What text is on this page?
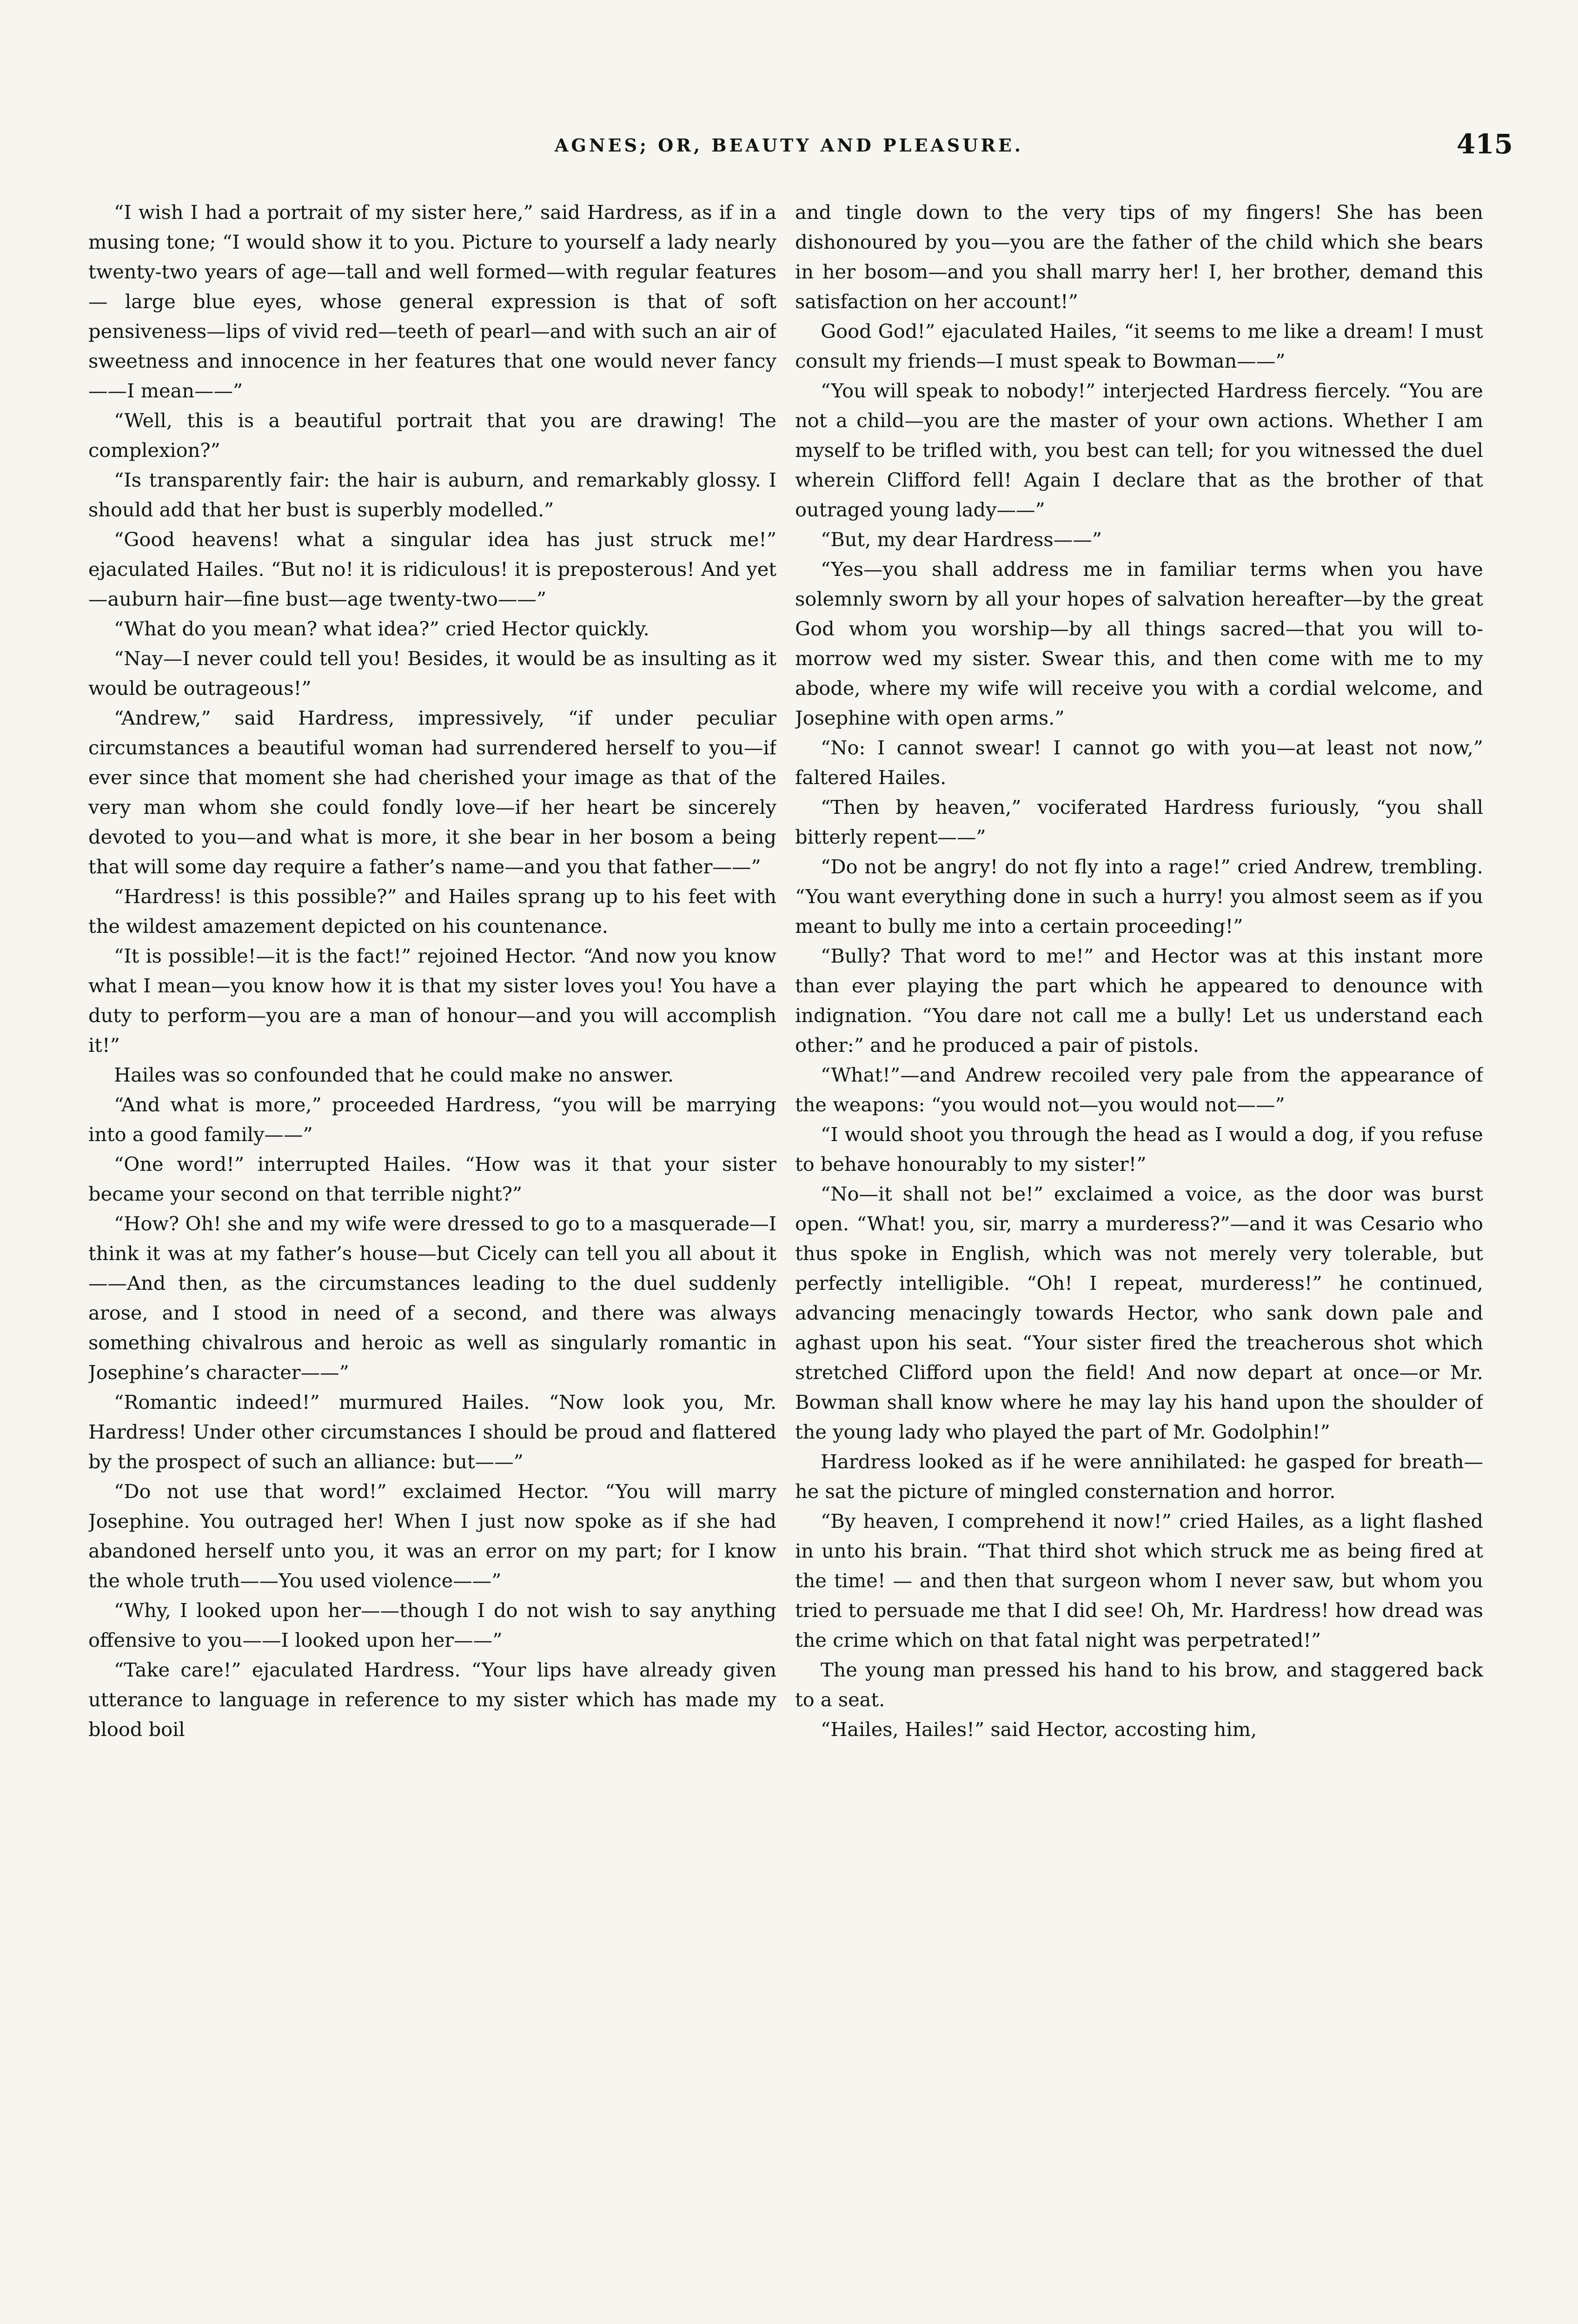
AGNES; OR, BEAUTY AND PLEASURE.	415

“I wish I had a portrait of my sister here,” said Hardress, as if in a musing tone; “I would show it to you. Picture to yourself a lady nearly twenty-two years of age—tall and well formed—with regular features — large blue eyes, whose general expression is that of soft pensiveness—lips of vivid red—teeth of pearl—and with such an air of sweetness and innocence in her features that one would never fancy——I mean——”

“Well, this is a beautiful portrait that you are drawing! The complexion?”

“Is transparently fair: the hair is auburn, and remarkably glossy. I should add that her bust is superbly modelled.”

“Good heavens! what a singular idea has just struck me!” ejaculated Hailes. “But no! it is ridiculous! it is preposterous! And yet—auburn hair—fine bust—age twenty-two——”

“What do you mean? what idea?” cried Hector quickly.

“Nay—I never could tell you! Besides, it would be as insulting as it would be outrageous!”

“Andrew,” said Hardress, impressively, “if under peculiar circumstances a beautiful woman had surrendered herself to you—if ever since that moment she had cherished your image as that of the very man whom she could fondly love—if her heart be sincerely devoted to you—and what is more, it she bear in her bosom a being that will some day require a father’s name—and you that father——”

“Hardress! is this possible?” and Hailes sprang up to his feet with the wildest amazement depicted on his countenance.

“It is possible!—it is the fact!” rejoined Hector. “And now you know what I mean—you know how it is that my sister loves you! You have a duty to perform—you are a man of honour—and you will accomplish it!”

Hailes was so confounded that he could make no answer.

“And what is more,” proceeded Hardress, “you will be marrying into a good family——”

“One word!” interrupted Hailes. “How was it that your sister became your second on that terrible night?”

“How? Oh! she and my wife were dressed to go to a masquerade—I think it was at my father’s house—but Cicely can tell you all about it——And then, as the circumstances leading to the duel suddenly arose, and I stood in need of a second, and there was always something chivalrous and heroic as well as singularly romantic in Josephine’s character——”

“Romantic indeed!” murmured Hailes. “Now look you, Mr. Hardress! Under other circumstances I should be proud and flattered by the prospect of such an alliance: but——”

“Do not use that word!” exclaimed Hector. “You will marry Josephine. You outraged her! When I just now spoke as if she had abandoned herself unto you, it was an error on my part; for I know the whole truth——You used violence——”

“Why, I looked upon her——though I do not wish to say anything offensive to you——I looked upon her——”

“Take care!” ejaculated Hardress. “Your lips have already given utterance to language in reference to my sister which has made my blood boil

and tingle down to the very tips of my fingers! She has been dishonoured by you—you are the father of the child which she bears in her bosom—and you shall marry her! I, her brother, demand this satisfaction on her account!”

Good God!” ejaculated Hailes, “it seems to me like a dream! I must consult my friends—I must speak to Bowman——”

“You will speak to nobody!” interjected Hardress fiercely. “You are not a child—you are the master of your own actions. Whether I am myself to be trifled with, you best can tell; for you witnessed the duel wherein Clifford fell! Again I declare that as the brother of that outraged young lady——”

“But, my dear Hardress——”

“Yes—you shall address me in familiar terms when you have solemnly sworn by all your hopes of salvation hereafter—by the great God whom you worship—by all things sacred—that you will to-morrow wed my sister. Swear this, and then come with me to my abode, where my wife will receive you with a cordial welcome, and Josephine with open arms.”

“No: I cannot swear! I cannot go with you—at least not now,” faltered Hailes.

“Then by heaven,” vociferated Hardress furiously, “you shall bitterly repent——”

“Do not be angry! do not fly into a rage!” cried Andrew, trembling. “You want everything done in such a hurry! you almost seem as if you meant to bully me into a certain proceeding!”

“Bully? That word to me!” and Hector was at this instant more than ever playing the part which he appeared to denounce with indignation. “You dare not call me a bully! Let us understand each other:” and he produced a pair of pistols.

“What!”—and Andrew recoiled very pale from the appearance of the weapons: “you would not—you would not——”

“I would shoot you through the head as I would a dog, if you refuse to behave honourably to my sister!”

“No—it shall not be!” exclaimed a voice, as the door was burst open. “What! you, sir, marry a murderess?”—and it was Cesario who thus spoke in English, which was not merely very tolerable, but perfectly intelligible. “Oh! I repeat, murderess!” he continued, advancing menacingly towards Hector, who sank down pale and aghast upon his seat. “Your sister fired the treacherous shot which stretched Clifford upon the field! And now depart at once—or Mr. Bowman shall know where he may lay his hand upon the shoulder of the young lady who played the part of Mr. Godolphin!”

Hardress looked as if he were annihilated: he gasped for breath—he sat the picture of mingled consternation and horror.

“By heaven, I comprehend it now!” cried Hailes, as a light flashed in unto his brain. “That third shot which struck me as being fired at the time! — and then that surgeon whom I never saw, but whom you tried to persuade me that I did see! Oh, Mr. Hardress! how dread was the crime which on that fatal night was perpetrated!”

The young man pressed his hand to his brow, and staggered back to a seat.

“Hailes, Hailes!” said Hector, accosting him,
